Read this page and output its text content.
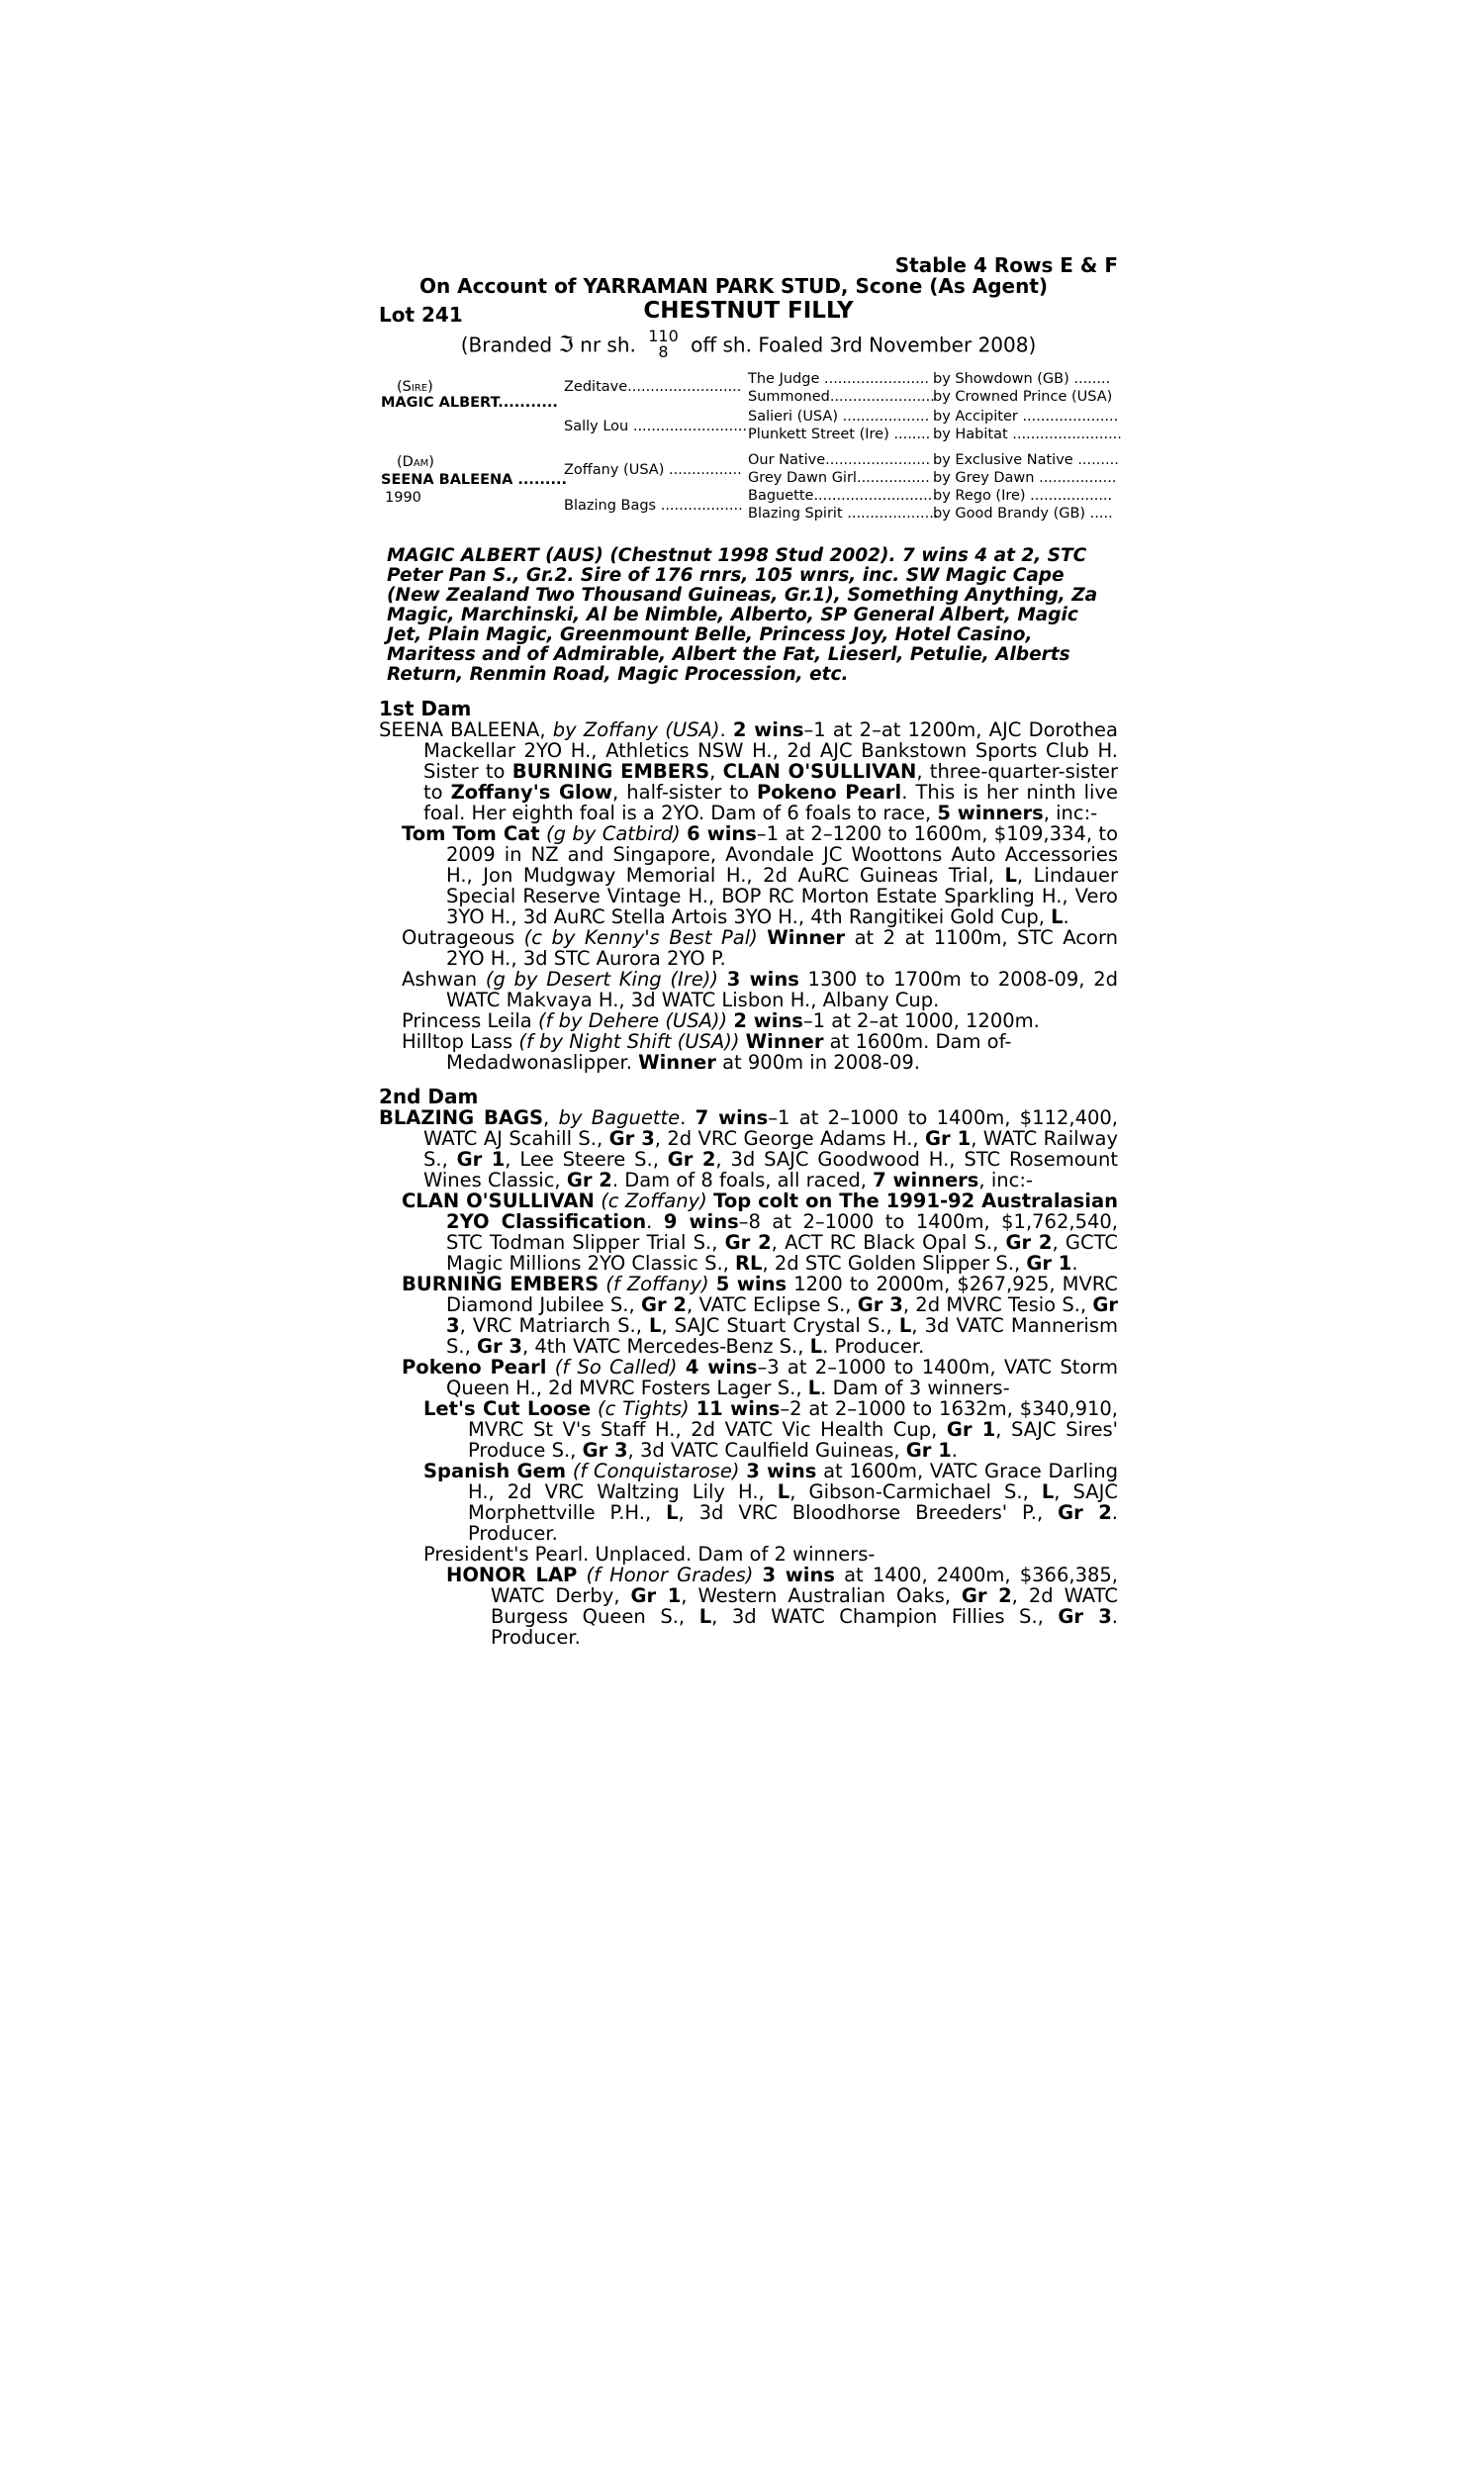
Stable 4 Rows E & F
On Account of YARRAMAN PARK STUD, Scone (As Agent)
Lot 241	CHESTNUT FILLY
(Branded ℑ nr sh. 110
8	off sh. Foaled 3rd November 2008)
(Sire)
MAGIC ALBERT...........
(Dam)
SEENA BALEENA .........
1990
Zeditave.........................
Sally Lou .........................
Zoffany (USA) ................
Blazing Bags ..................
The Judge .......................
Summoned.......................
Salieri (USA) ...................
Plunkett Street (Ire) ........
Our Native.......................
Grey Dawn Girl................
Baguette..........................
Blazing Spirit ....................
by Showdown (GB) ........
by Crowned Prince (USA)
by Accipiter .....................
by Habitat ........................
by Exclusive Native .........
by Grey Dawn .................
by Rego (Ire) ..................
by Good Brandy (GB) .....
MAGIC ALBERT (AUS) (Chestnut 1998 Stud 2002). 7 wins 4 at 2, STC Peter Pan S., Gr.2. Sire of 176 rnrs, 105 wnrs, inc. SW Magic Cape (New Zealand Two Thousand Guineas, Gr.1), Something Anything, Za Magic, Marchinski, Al be Nimble, Alberto, SP General Albert, Magic Jet, Plain Magic, Greenmount Belle, Princess Joy, Hotel Casino, Maritess and of Admirable, Albert the Fat, Lieserl, Petulie, Alberts Return, Renmin Road, Magic Procession, etc.
1st Dam

SEENA BALEENA, by Zoffany (USA). 2 wins–1 at 2–at 1200m, AJC Dorothea Mackellar 2YO H., Athletics NSW H., 2d AJC Bankstown Sports Club H. Sister to BURNING EMBERS, CLAN O'SULLIVAN, three-quarter-sister to Zoffany's Glow, half-sister to Pokeno Pearl. This is her ninth live foal. Her eighth foal is a 2YO. Dam of 6 foals to race, 5 winners, inc:-

Tom Tom Cat (g by Catbird) 6 wins–1 at 2–1200 to 1600m, $109,334, to 2009 in NZ and Singapore, Avondale JC Woottons Auto Accessories H., Jon Mudgway Memorial H., 2d AuRC Guineas Trial, L, Lindauer Special Reserve Vintage H., BOP RC Morton Estate Sparkling H., Vero 3YO H., 3d AuRC Stella Artois 3YO H., 4th Rangitikei Gold Cup, L.

Outrageous (c by Kenny's Best Pal) Winner at 2 at 1100m, STC Acorn 2YO H., 3d STC Aurora 2YO P.

Ashwan (g by Desert King (Ire)) 3 wins 1300 to 1700m to 2008-09, 2d WATC Makvaya H., 3d WATC Lisbon H., Albany Cup.

Princess Leila (f by Dehere (USA)) 2 wins–1 at 2–at 1000, 1200m.

Hilltop Lass (f by Night Shift (USA)) Winner at 1600m. Dam of-
Medadwonaslipper. Winner at 900m in 2008-09.

2nd Dam

BLAZING BAGS, by Baguette. 7 wins–1 at 2–1000 to 1400m, $112,400, WATC AJ Scahill S., Gr 3, 2d VRC George Adams H., Gr 1, WATC Railway S., Gr 1, Lee Steere S., Gr 2, 3d SAJC Goodwood H., STC Rosemount Wines Classic, Gr 2. Dam of 8 foals, all raced, 7 winners, inc:-

CLAN O'SULLIVAN (c Zoffany) Top colt on The 1991-92 Australasian 2YO Classification. 9 wins–8 at 2–1000 to 1400m, $1,762,540, STC Todman Slipper Trial S., Gr 2, ACT RC Black Opal S., Gr 2, GCTC Magic Millions 2YO Classic S., RL, 2d STC Golden Slipper S., Gr 1.

BURNING EMBERS (f Zoffany) 5 wins 1200 to 2000m, $267,925, MVRC Diamond Jubilee S., Gr 2, VATC Eclipse S., Gr 3, 2d MVRC Tesio S., Gr 3, VRC Matriarch S., L, SAJC Stuart Crystal S., L, 3d VATC Mannerism S., Gr 3, 4th VATC Mercedes-Benz S., L. Producer.

Pokeno Pearl (f So Called) 4 wins–3 at 2–1000 to 1400m, VATC Storm Queen H., 2d MVRC Fosters Lager S., L. Dam of 3 winners-

Let's Cut Loose (c Tights) 11 wins–2 at 2–1000 to 1632m, $340,910, MVRC St V's Staff H., 2d VATC Vic Health Cup, Gr 1, SAJC Sires' Produce S., Gr 3, 3d VATC Caulfield Guineas, Gr 1.

Spanish Gem (f Conquistarose) 3 wins at 1600m, VATC Grace Darling H., 2d VRC Waltzing Lily H., L, Gibson-Carmichael S., L, SAJC Morphettville P.H., L, 3d VRC Bloodhorse Breeders' P., Gr 2. Producer.

President's Pearl. Unplaced. Dam of 2 winners-

HONOR LAP (f Honor Grades) 3 wins at 1400, 2400m, $366,385, WATC Derby, Gr 1, Western Australian Oaks, Gr 2, 2d WATC Burgess Queen S., L, 3d WATC Champion Fillies S., Gr 3. Producer.
